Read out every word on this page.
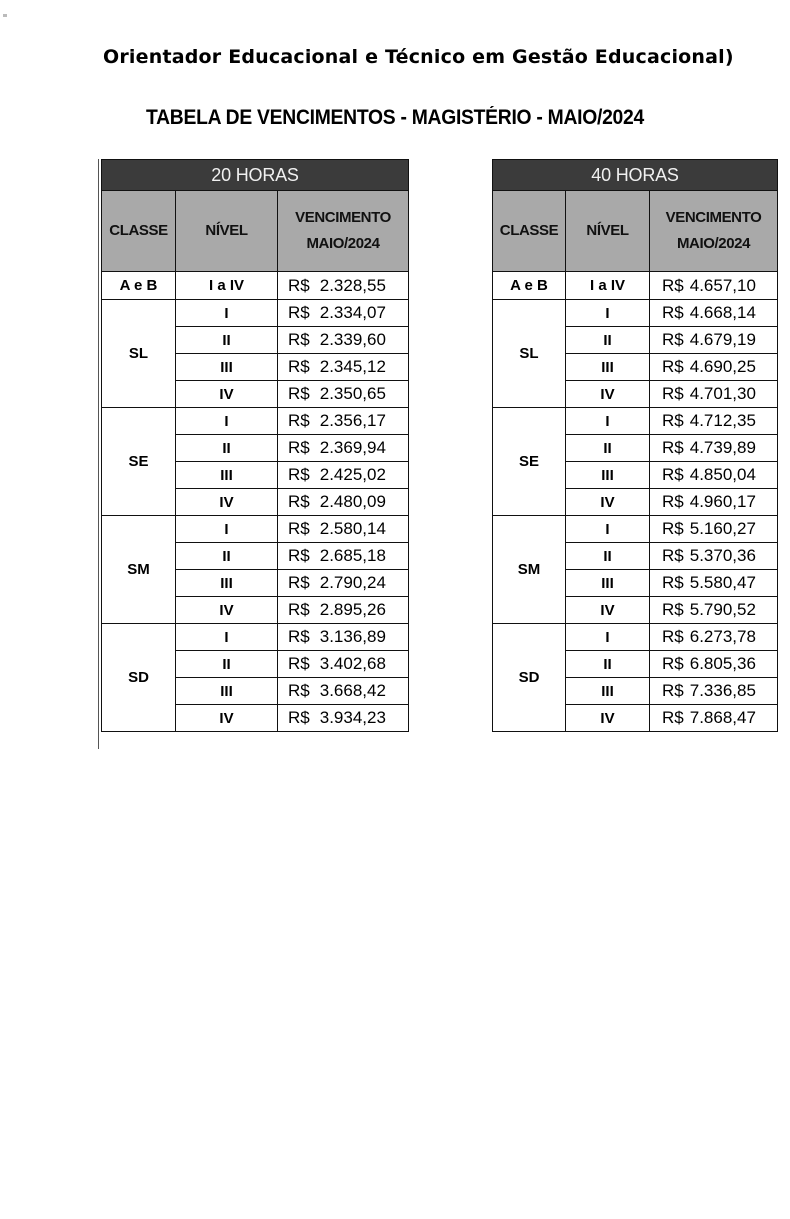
Orientador Educacional e Técnico em Gestão Educacional)
TABELA DE VENCIMENTOS - MAGISTÉRIO - MAIO/2024
20 HORAS		
CLASSE	NÍVEL	VENCIMENTO
MAIO/2024
A e B	I a IV	R$ 2.328,55
SL	I	R$ 2.334,07
	II	R$ 2.339,60
	III	R$ 2.345,12
	IV	R$ 2.350,65
SE	I	R$ 2.356,17
	II	R$ 2.369,94
	III	R$ 2.425,02
	IV	R$ 2.480,09
SM	I	R$ 2.580,14
	II	R$ 2.685,18
	III	R$ 2.790,24
	IV	R$ 2.895,26
SD	I	R$ 3.136,89
	II	R$ 3.402,68
	III	R$ 3.668,42
	IV	R$ 3.934,23
40 HORAS		
CLASSE	NÍVEL	VENCIMENTO
MAIO/2024
A e B	I a IV	R$ 4.657,10
SL	I	R$ 4.668,14
	II	R$ 4.679,19
	III	R$ 4.690,25
	IV	R$ 4.701,30
SE	I	R$ 4.712,35
	II	R$ 4.739,89
	III	R$ 4.850,04
	IV	R$ 4.960,17
SM	I	R$ 5.160,27
	II	R$ 5.370,36
	III	R$ 5.580,47
	IV	R$ 5.790,52
SD	I	R$ 6.273,78
	II	R$ 6.805,36
	III	R$ 7.336,85
	IV	R$ 7.868,47
